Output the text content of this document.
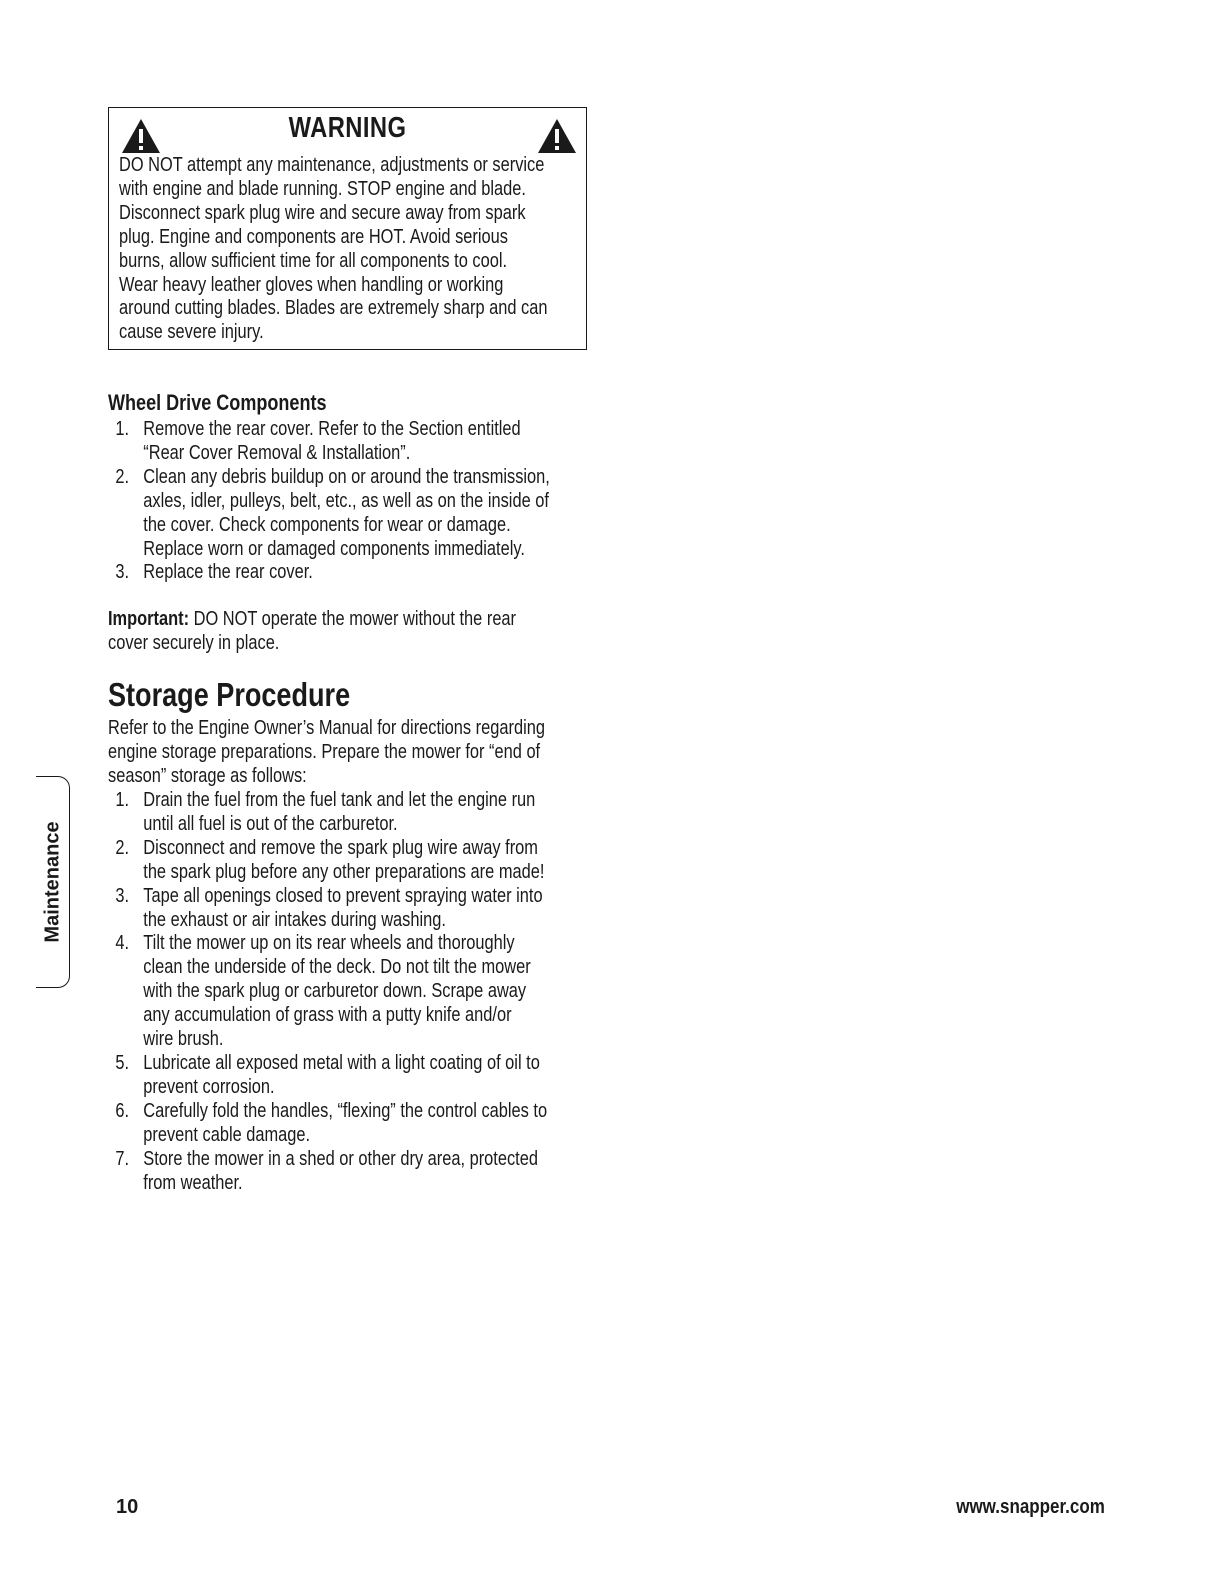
WARNING
DO NOT attempt any maintenance, adjustments or service
with engine and blade running. STOP engine and blade.
Disconnect spark plug wire and secure away from spark
plug. Engine and components are HOT. Avoid serious
burns, allow sufficient time for all components to cool.
Wear heavy leather gloves when handling or working
around cutting blades. Blades are extremely sharp and can
cause severe injury.
Wheel Drive Components
1. Remove the rear cover. Refer to the Section entitled
“Rear Cover Removal & Installation”.
2. Clean any debris buildup on or around the transmission,
axles, idler, pulleys, belt, etc., as well as on the inside of
the cover. Check components for wear or damage.
Replace worn or damaged components immediately.
3. Replace the rear cover.
Important: DO NOT operate the mower without the rear
cover securely in place.
Storage Procedure
Refer to the Engine Owner’s Manual for directions regarding
engine storage preparations. Prepare the mower for “end of
season” storage as follows:
1. Drain the fuel from the fuel tank and let the engine run
until all fuel is out of the carburetor.
2. Disconnect and remove the spark plug wire away from
the spark plug before any other preparations are made!
3. Tape all openings closed to prevent spraying water into
the exhaust or air intakes during washing.
4. Tilt the mower up on its rear wheels and thoroughly
clean the underside of the deck. Do not tilt the mower
with the spark plug or carburetor down. Scrape away
any accumulation of grass with a putty knife and/or
wire brush.
5. Lubricate all exposed metal with a light coating of oil to
prevent corrosion.
6. Carefully fold the handles, “flexing” the control cables to
prevent cable damage.
7. Store the mower in a shed or other dry area, protected
from weather.
Maintenance
10	www.snapper.com
